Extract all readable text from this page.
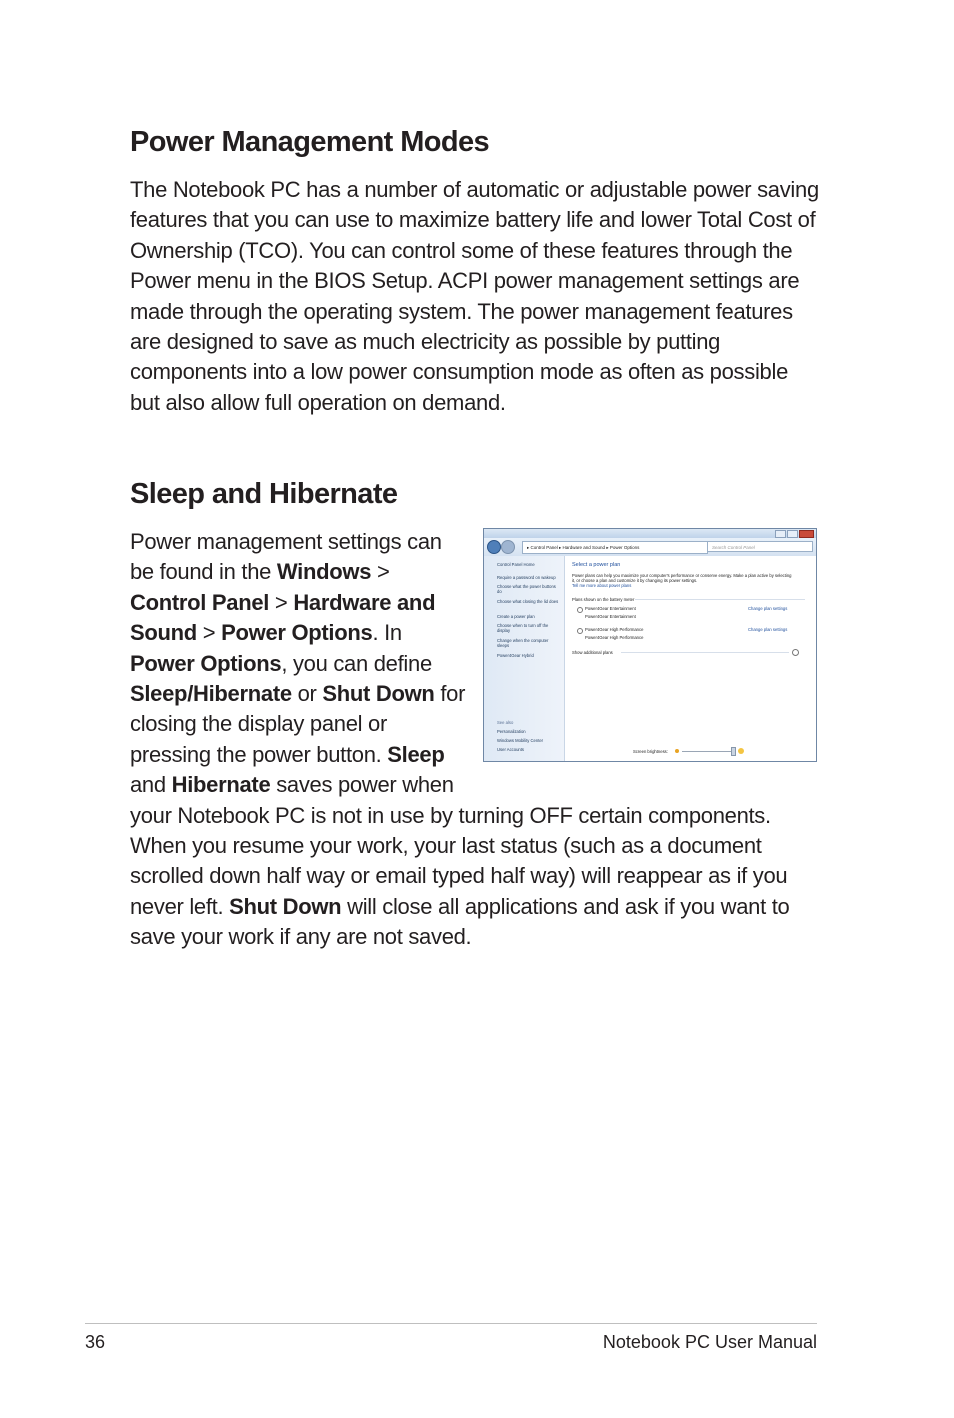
Power Management Modes

The Notebook PC has a number of automatic or adjustable power saving features that you can use to maximize battery life and lower Total Cost of Ownership (TCO). You can control some of these features through the Power menu in the BIOS Setup. ACPI power management settings are made through the operating system. The power management features are designed to save as much electricity as possible by putting components into a low power consumption mode as often as possible but also allow full operation on demand.

Sleep and Hibernate

Power management settings can be found in the Windows > Control Panel > Hardware and Sound > Power Options. In Power Options, you can define Sleep/Hibernate or Shut Down for closing the display panel or pressing the power button. Sleep and Hibernate saves power when your Notebook PC is not in use by turning OFF certain components. When you resume your work, your last status (such as a document scrolled down half way or email typed half way) will reappear as if you never left. Shut Down will close all applications and ask if you want to save your work if any are not saved.

▸ Control Panel ▸ Hardware and Sound ▸ Power Options	Search Control Panel
Control Panel Home
Require a password on wakeup
Choose what the power buttons do
Choose what closing the lid does
Create a power plan
Choose when to turn off the display
Change when the computer sleeps
Power4Gear Hybrid
See also
Personalization
Windows Mobility Center
User Accounts
Select a power plan
Power plans can help you maximize your computer's performance or conserve energy. Make a plan active by selecting it, or choose a plan and customize it by changing its power settings.
Tell me more about power plans
Plans shown on the battery meter
Power4Gear Entertainment
Power4Gear Entertainment
Change plan settings
Power4Gear High Performance
Power4Gear High Performance
Change plan settings
Show additional plans
Screen brightness:
36	Notebook PC User Manual
